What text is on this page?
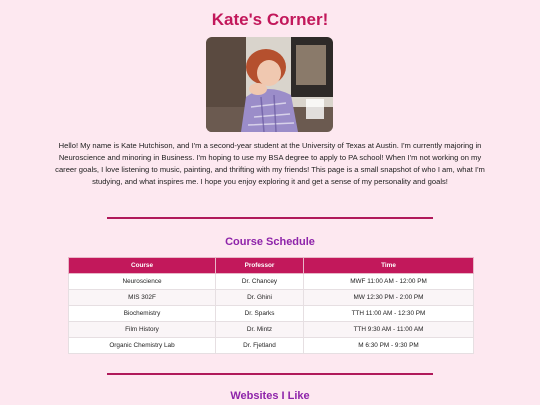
Kate's Corner!
Hello! My name is Kate Hutchison, and I'm a second-year student at the University of Texas at Austin. I'm currently majoring in Neuroscience and minoring in Business. I'm hoping to use my BSA degree to apply to PA school! When I'm not working on my career goals, I love listening to music, painting, and thrifting with my friends! This page is a small snapshot of who I am, what I'm studying, and what inspires me. I hope you enjoy exploring it and get a sense of my personality and goals!
Course Schedule
Course	Professor	Time
Neuroscience	Dr. Chancey	MWF 11:00 AM - 12:00 PM
MIS 302F	Dr. Ghini	MW 12:30 PM - 2:00 PM
Biochemistry	Dr. Sparks	TTH 11:00 AM - 12:30 PM
Film History	Dr. Mintz	TTH 9:30 AM - 11:00 AM
Organic Chemistry Lab	Dr. Fjetland	M 6:30 PM - 9:30 PM
Websites I Like
